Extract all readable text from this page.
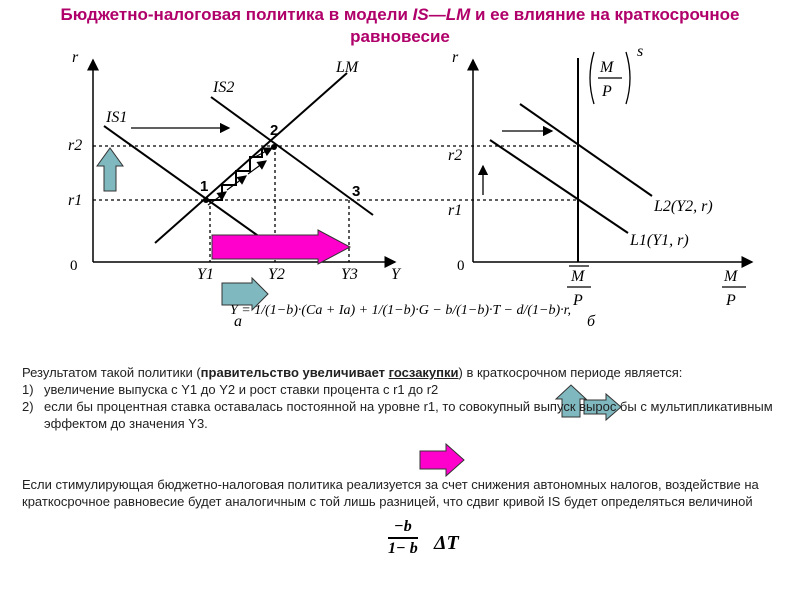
Бюджетно-налоговая политика в модели IS—LM и ее влияние на краткосрочное равновесие
r
r2
r1
0
IS1
IS2
LM
1
2
3
Y1	Y2	Y3 Y
r
r2
r1
0
L2(Y2, r)
L1(Y1, r)
M
P
s
M
P
M
P
Y = 1/(1−b)·(Ca + Ia) + 1/(1−b)·G − b/(1−b)·T − d/(1−b)·r,
а	б
Результатом такой политики (правительство увеличивает госзакупки) в краткосрочном периоде является:
1) увеличение выпуска с Y1 до Y2 и рост ставки процента с r1 до r2
2) если бы процентная ставка оставалась постоянной на уровне r1, то совокупный выпуск вырос бы с мультипликативным эффектом до значения Y3.
Если стимулирующая бюджетно-налоговая политика реализуется за счет снижения автономных налогов, воздействие на краткосрочное равновесие будет аналогичным с той лишь разницей, что сдвиг кривой IS будет определяться величиной
$\frac{-b}{1- b}$ ΔT
